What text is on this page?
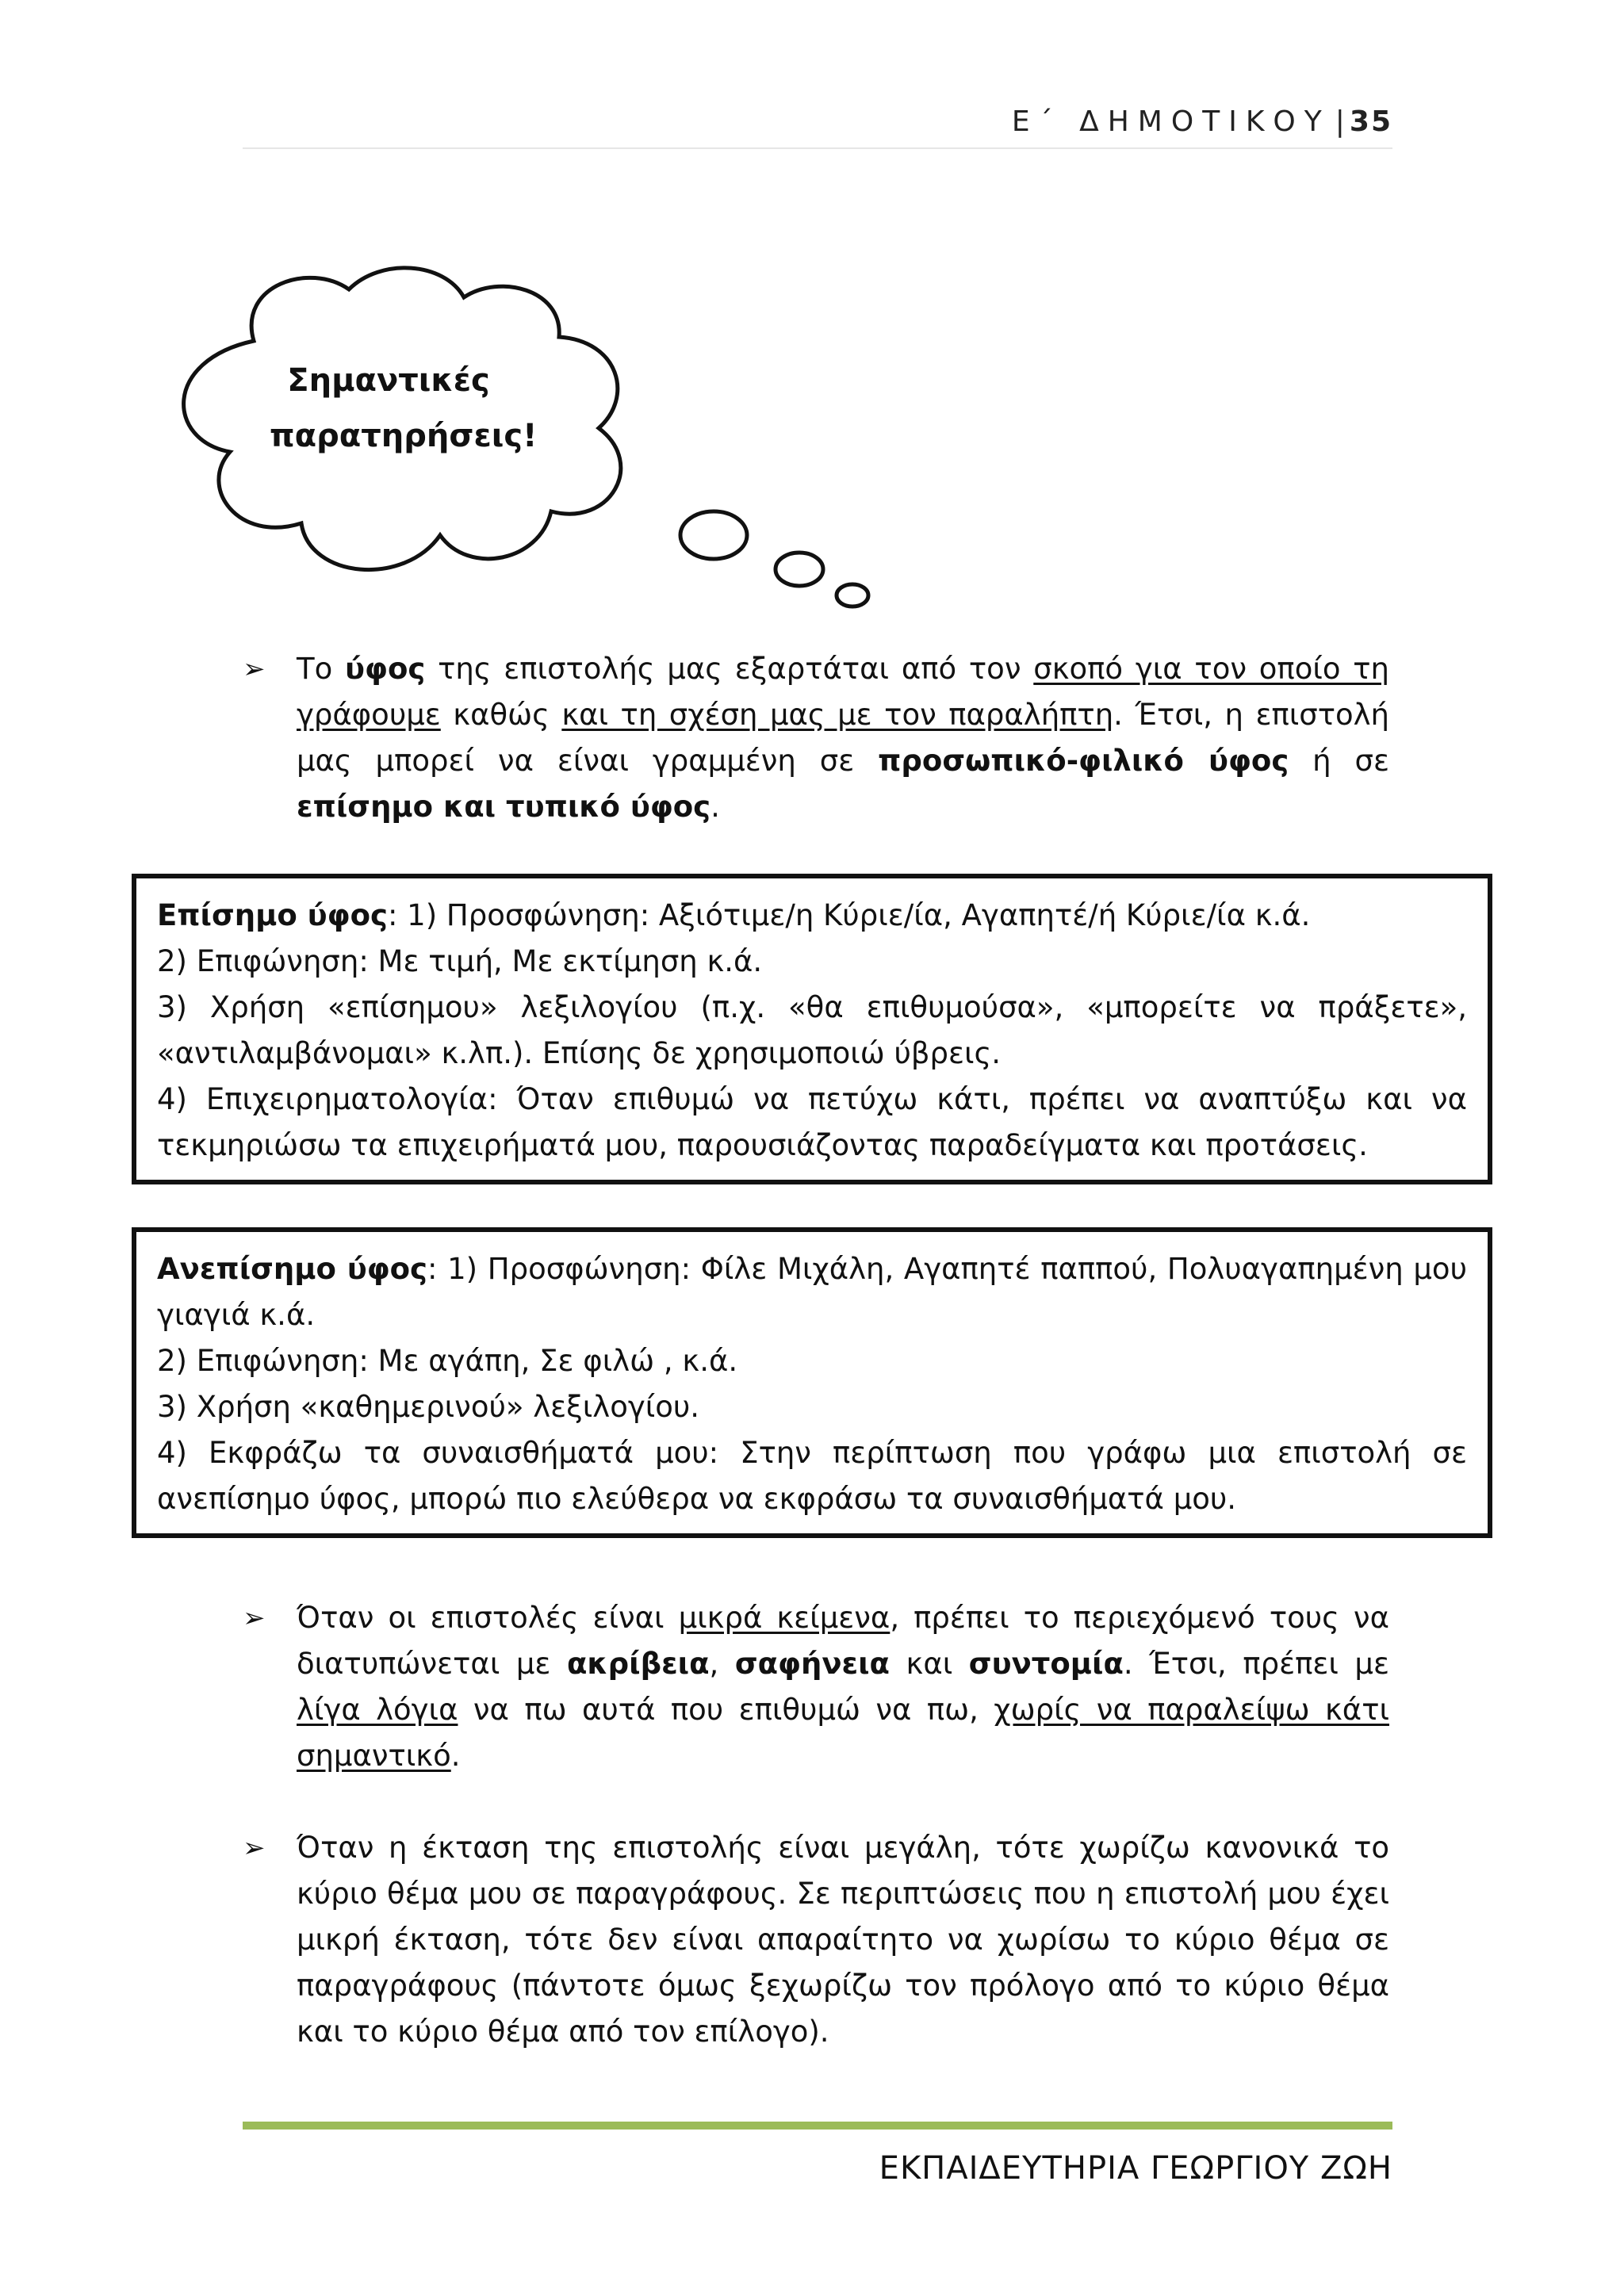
Ε΄ ΔΗΜΟΤΙΚΟΥ | 35
Σημαντικές
παρατηρήσεις!
➢ Το ύφος της επιστολής μας εξαρτάται από τον σκοπό για τον οποίο τη γράφουμε καθώς και τη σχέση μας με τον παραλήπτη. Έτσι, η επιστολή μας μπορεί να είναι γραμμένη σε προσωπικό-φιλικό ύφος ή σε επίσημο και τυπικό ύφος.

Επίσημο ύφος: 1) Προσφώνηση: Αξιότιμε/η Κύριε/ία, Αγαπητέ/ή Κύριε/ία κ.ά.

2) Επιφώνηση: Με τιμή, Με εκτίμηση κ.ά.

3) Χρήση «επίσημου» λεξιλογίου (π.χ. «θα επιθυμούσα», «μπορείτε να πράξετε», «αντιλαμβάνομαι» κ.λπ.). Επίσης δε χρησιμοποιώ ύβρεις.

4) Επιχειρηματολογία: Όταν επιθυμώ να πετύχω κάτι, πρέπει να αναπτύξω και να τεκμηριώσω τα επιχειρήματά μου, παρουσιάζοντας παραδείγματα και προτάσεις.

Ανεπίσημο ύφος: 1) Προσφώνηση: Φίλε Μιχάλη, Αγαπητέ παππού, Πολυαγαπημένη μου γιαγιά κ.ά.

2) Επιφώνηση: Με αγάπη, Σε φιλώ , κ.ά.

3) Χρήση «καθημερινού» λεξιλογίου.

4) Εκφράζω τα συναισθήματά μου: Στην περίπτωση που γράφω μια επιστολή σε ανεπίσημο ύφος, μπορώ πιο ελεύθερα να εκφράσω τα συναισθήματά μου.

➢ Όταν οι επιστολές είναι μικρά κείμενα, πρέπει το περιεχόμενό τους να διατυπώνεται με ακρίβεια, σαφήνεια και συντομία. Έτσι, πρέπει με λίγα λόγια να πω αυτά που επιθυμώ να πω, χωρίς να παραλείψω κάτι σημαντικό.
➢ Όταν η έκταση της επιστολής είναι μεγάλη, τότε χωρίζω κανονικά το κύριο θέμα μου σε παραγράφους. Σε περιπτώσεις που η επιστολή μου έχει μικρή έκταση, τότε δεν είναι απαραίτητο να χωρίσω το κύριο θέμα σε παραγράφους (πάντοτε όμως ξεχωρίζω τον πρόλογο από το κύριο θέμα και το κύριο θέμα από τον επίλογο).
ΕΚΠΑΙΔΕΥΤΗΡΙΑ ΓΕΩΡΓΙΟΥ ΖΩΗ
